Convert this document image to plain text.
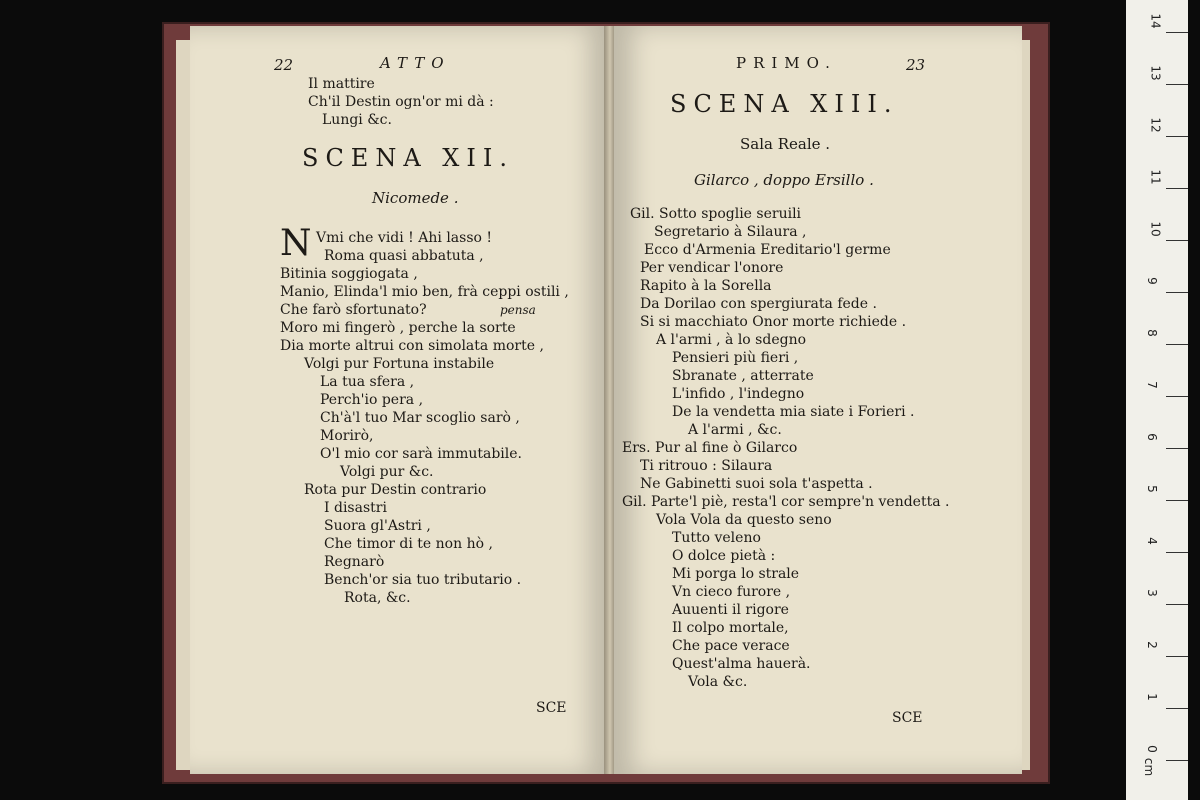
22	ATTO
Il mattire
Ch'il Destin ogn'or mi dà :
Lungi &c.
SCENA XII.
Nicomede .
N Vmi che vidi ! Ahi lasso !
Roma quasi abbatuta ,
Bitinia soggiogata ,
Manio, Elinda'l mio ben, frà ceppi ostili ,
Che farò sfortunato?	pensa
Moro mi fingerò , perche la sorte
Dia morte altrui con simolata morte ,
Volgi pur Fortuna instabile
La tua sfera ,
Perch'io pera ,
Ch'à'l tuo Mar scoglio sarò ,
Morirò,
O'l mio cor sarà immutabile.
Volgi pur &c.
Rota pur Destin contrario
I disastri
Suora gl'Astri ,
Che timor di te non hò ,
Regnarò
Bench'or sia tuo tributario .
Rota, &c.
SCE
PRIMO.	23
SCENA XIII.
Sala Reale .
Gilarco , doppo Ersillo .
Gil. Sotto spoglie seruili
Segretario à Silaura ,
Ecco d'Armenia Ereditario'l germe
Per vendicar l'onore
Rapito à la Sorella
Da Dorilao con spergiurata fede .
Si si macchiato Onor morte richiede .
A l'armi , à lo sdegno
Pensieri più fieri ,
Sbranate , atterrate
L'infido , l'indegno
De la vendetta mia siate i Forieri .
A l'armi , &c.
Ers. Pur al fine ò Gilarco
Ti ritrouo : Silaura
Ne Gabinetti suoi sola t'aspetta .
Gil. Parte'l piè, resta'l cor sempre'n vendetta .
Vola Vola da questo seno
Tutto veleno
O dolce pietà :
Mi porga lo strale
Vn cieco furore ,
Auuenti il rigore
Il colpo mortale,
Che pace verace
Quest'alma hauerà.
Vola &c.
SCE
0
1
2
3
4
5
6
7
8
9
10
11
12
13
14
cm
